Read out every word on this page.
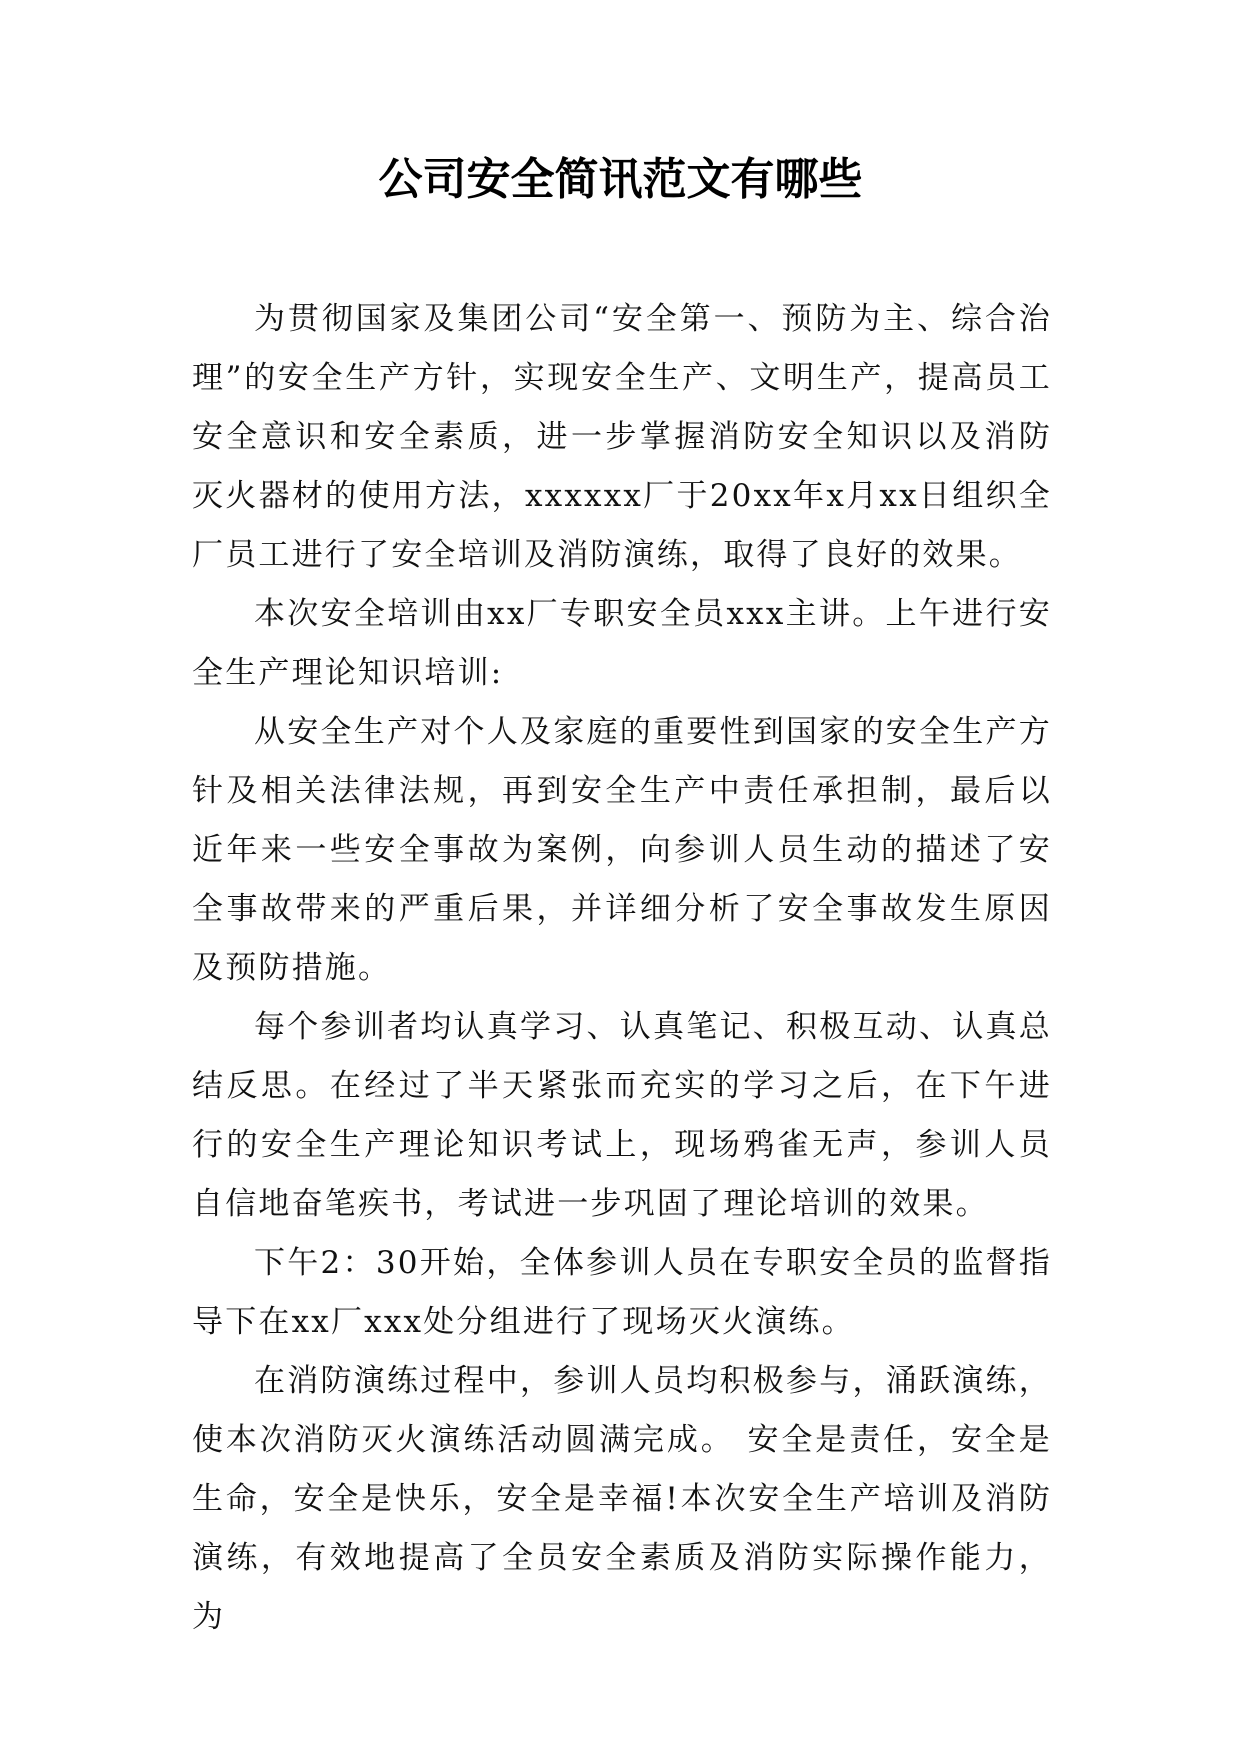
公司安全简讯范文有哪些

为贯彻国家及集团公司“安全第一、预防为主、综合治理”的安全生产方针，实现安全生产、文明生产，提高员工安全意识和安全素质，进一步掌握消防安全知识以及消防灭火器材的使用方法，xxxxxx厂于20xx年x月xx日组织全厂员工进行了安全培训及消防演练，取得了良好的效果。

本次安全培训由xx厂专职安全员xxx主讲。上午进行安全生产理论知识培训:

从安全生产对个人及家庭的重要性到国家的安全生产方针及相关法律法规，再到安全生产中责任承担制，最后以近年来一些安全事故为案例，向参训人员生动的描述了安全事故带来的严重后果，并详细分析了安全事故发生原因及预防措施。

每个参训者均认真学习、认真笔记、积极互动、认真总结反思。在经过了半天紧张而充实的学习之后，在下午进行的安全生产理论知识考试上，现场鸦雀无声，参训人员自信地奋笔疾书，考试进一步巩固了理论培训的效果。

下午2：30开始，全体参训人员在专职安全员的监督指导下在xx厂xxx处分组进行了现场灭火演练。

在消防演练过程中，参训人员均积极参与，涌跃演练，使本次消防灭火演练活动圆满完成。 安全是责任，安全是生命，安全是快乐，安全是幸福!本次安全生产培训及消防演练，有效地提高了全员安全素质及消防实际操作能力，为
